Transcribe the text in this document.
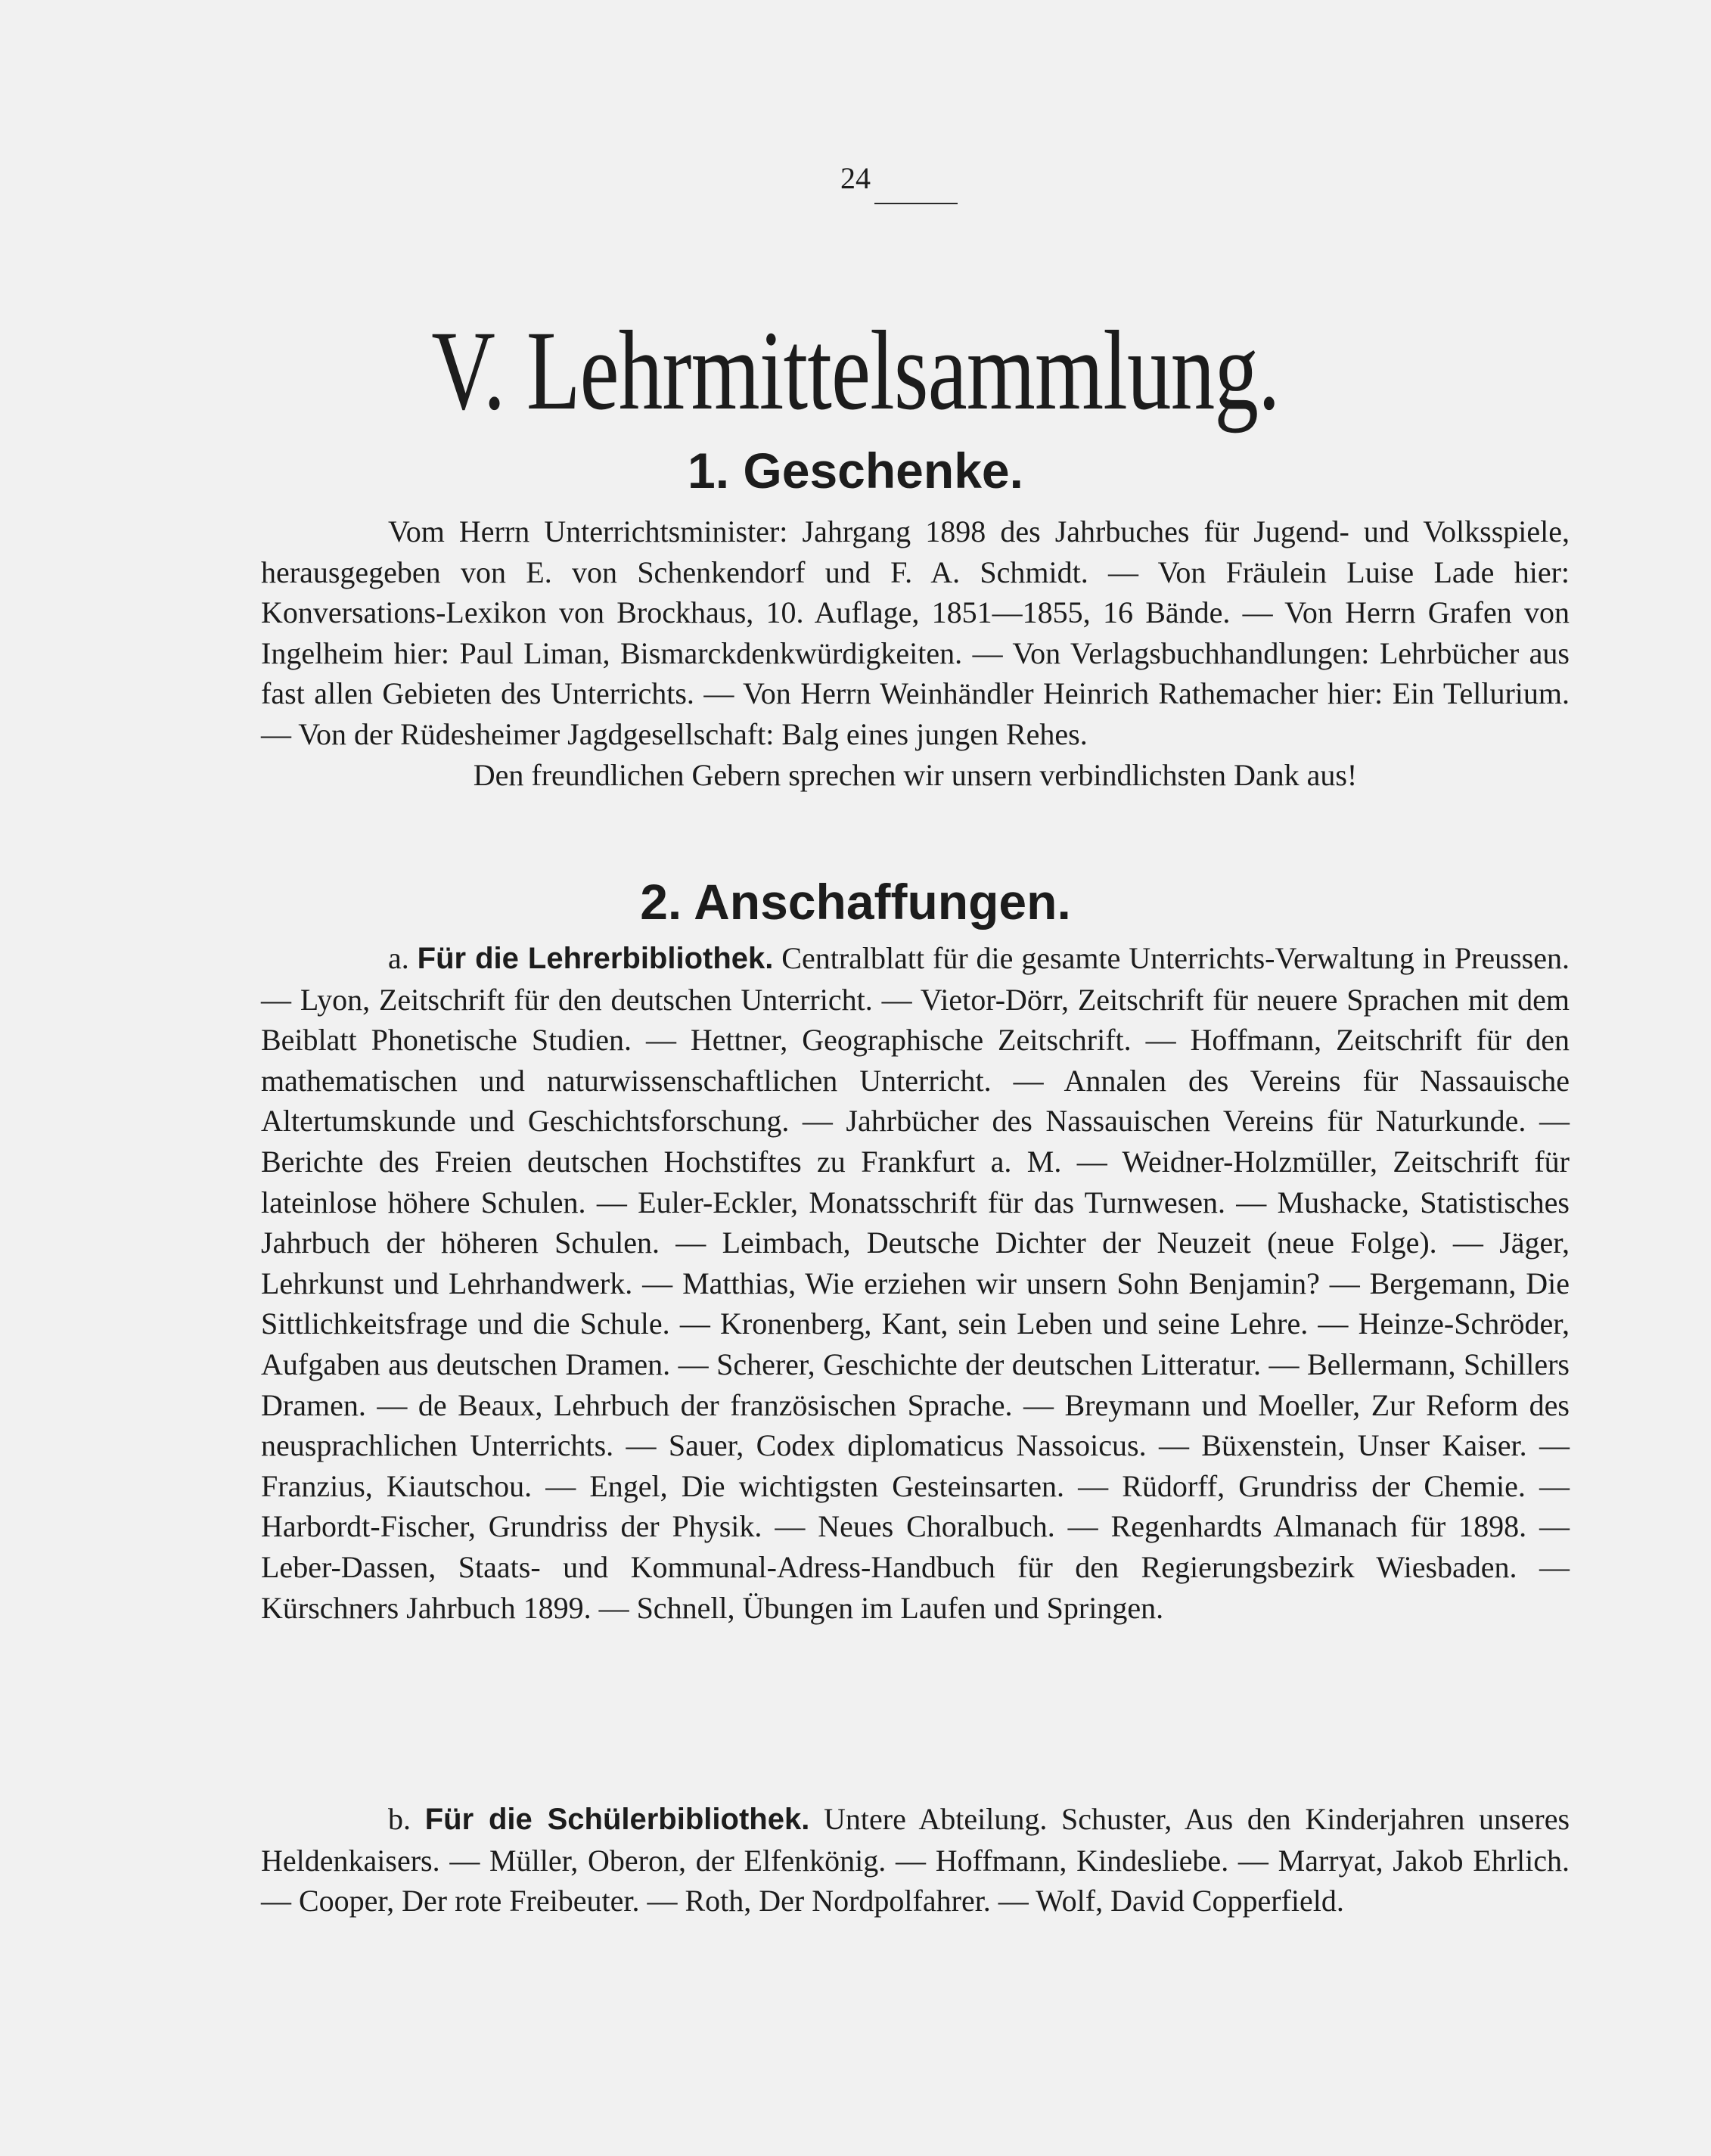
24
V. Lehrmittelsammlung.
1. Geschenke.

Vom Herrn Unterrichtsminister: Jahrgang 1898 des Jahrbuches für Jugend- und Volksspiele, herausgegeben von E. von Schenkendorf und F. A. Schmidt. — Von Fräulein Luise Lade hier: Konversations-Lexikon von Brockhaus, 10. Auflage, 1851—1855, 16 Bände. — Von Herrn Grafen von Ingelheim hier: Paul Liman, Bismarckdenkwürdigkeiten. — Von Verlagsbuchhandlungen: Lehrbücher aus fast allen Gebieten des Unterrichts. — Von Herrn Weinhändler Heinrich Rathemacher hier: Ein Tellurium. — Von der Rüdesheimer Jagdgesellschaft: Balg eines jungen Rehes.

Den freundlichen Gebern sprechen wir unsern verbindlichsten Dank aus!

2. Anschaffungen.

a. Für die Lehrerbibliothek. Centralblatt für die gesamte Unterrichts-Verwaltung in Preussen. — Lyon, Zeitschrift für den deutschen Unterricht. — Vietor-Dörr, Zeitschrift für neuere Sprachen mit dem Beiblatt Phonetische Studien. — Hettner, Geographische Zeitschrift. — Hoffmann, Zeitschrift für den mathematischen und naturwissenschaftlichen Unterricht. — Annalen des Vereins für Nassauische Altertumskunde und Geschichtsforschung. — Jahrbücher des Nassauischen Vereins für Naturkunde. — Berichte des Freien deutschen Hochstiftes zu Frankfurt a. M. — Weidner-Holzmüller, Zeitschrift für lateinlose höhere Schulen. — Euler-Eckler, Monatsschrift für das Turnwesen. — Mushacke, Statistisches Jahrbuch der höheren Schulen. — Leimbach, Deutsche Dichter der Neuzeit (neue Folge). — Jäger, Lehrkunst und Lehrhandwerk. — Matthias, Wie erziehen wir unsern Sohn Benjamin? — Bergemann, Die Sittlichkeitsfrage und die Schule. — Kronenberg, Kant, sein Leben und seine Lehre. — Heinze-Schröder, Aufgaben aus deutschen Dramen. — Scherer, Geschichte der deutschen Litteratur. — Bellermann, Schillers Dramen. — de Beaux, Lehrbuch der französischen Sprache. — Breymann und Moeller, Zur Reform des neusprachlichen Unterrichts. — Sauer, Codex diplomaticus Nassoicus. — Büxenstein, Unser Kaiser. — Franzius, Kiautschou. — Engel, Die wichtigsten Gesteinsarten. — Rüdorff, Grundriss der Chemie. — Harbordt-Fischer, Grundriss der Physik. — Neues Choralbuch. — Regenhardts Almanach für 1898. — Leber-Dassen, Staats- und Kommunal-Adress-Handbuch für den Regierungsbezirk Wiesbaden. — Kürschners Jahrbuch 1899. — Schnell, Übungen im Laufen und Springen.

b. Für die Schülerbibliothek. Untere Abteilung. Schuster, Aus den Kinderjahren unseres Heldenkaisers. — Müller, Oberon, der Elfenkönig. — Hoffmann, Kindesliebe. — Marryat, Jakob Ehrlich. — Cooper, Der rote Freibeuter. — Roth, Der Nordpolfahrer. — Wolf, David Copperfield.
